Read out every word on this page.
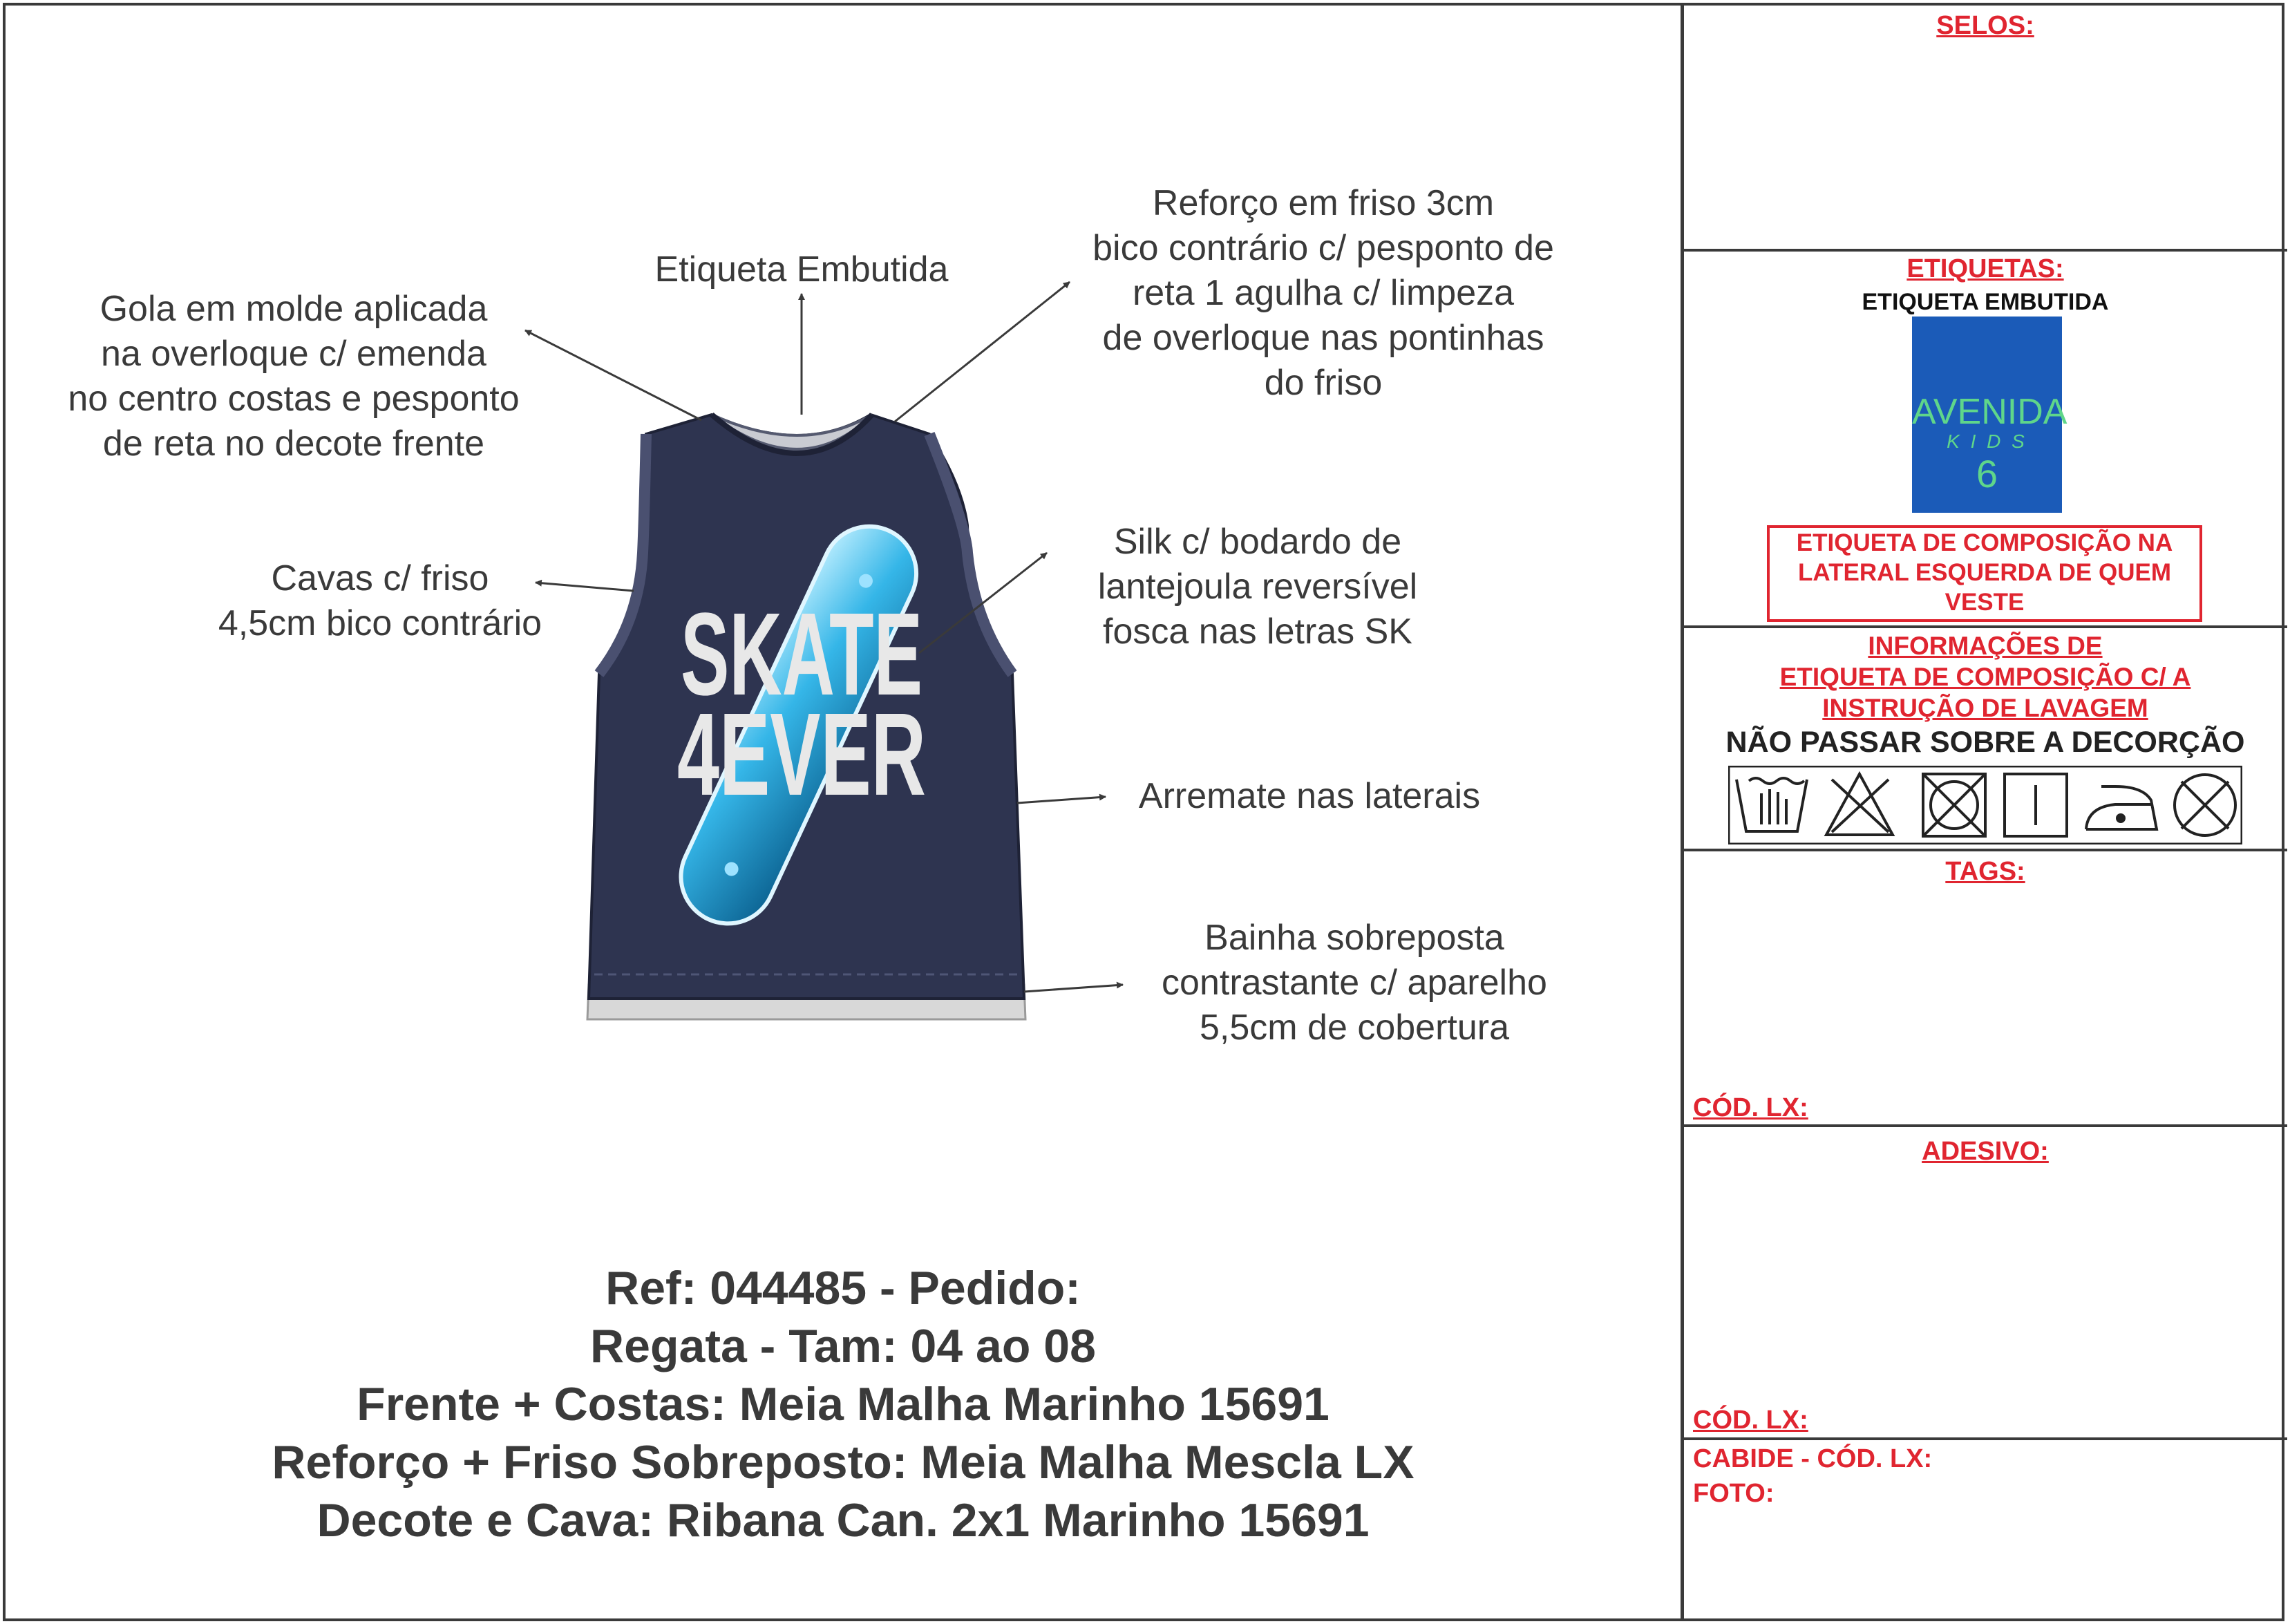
SKATE
4EVER
Gola em molde aplicada
na overloque c/ emenda
no centro costas e pesponto
de reta no decote frente
Etiqueta Embutida
Reforço em friso 3cm
bico contrário c/ pesponto de
reta 1 agulha c/ limpeza
de overloque nas pontinhas
do friso
Cavas c/ friso
4,5cm bico contrário
Silk c/ bodardo de
lantejoula reversível
fosca nas letras SK
Arremate nas laterais
Bainha sobreposta
contrastante c/ aparelho
5,5cm de cobertura
Ref: 044485 - Pedido:
Regata - Tam: 04 ao 08
Frente + Costas: Meia Malha Marinho 15691
Reforço + Friso Sobreposto: Meia Malha Mescla LX
Decote e Cava: Ribana Can. 2x1 Marinho 15691
SELOS:
ETIQUETAS:
ETIQUETA EMBUTIDA
AVENIDA
K I D S
6
ETIQUETA DE COMPOSIÇÃO NA
LATERAL ESQUERDA DE QUEM
VESTE
INFORMAÇÕES DE
ETIQUETA DE COMPOSIÇÃO C/ A
INSTRUÇÃO DE LAVAGEM
NÃO PASSAR SOBRE A DECORÇÃO
TAGS:
CÓD. LX:
ADESIVO:
CÓD. LX:
CABIDE - CÓD. LX:
FOTO:
